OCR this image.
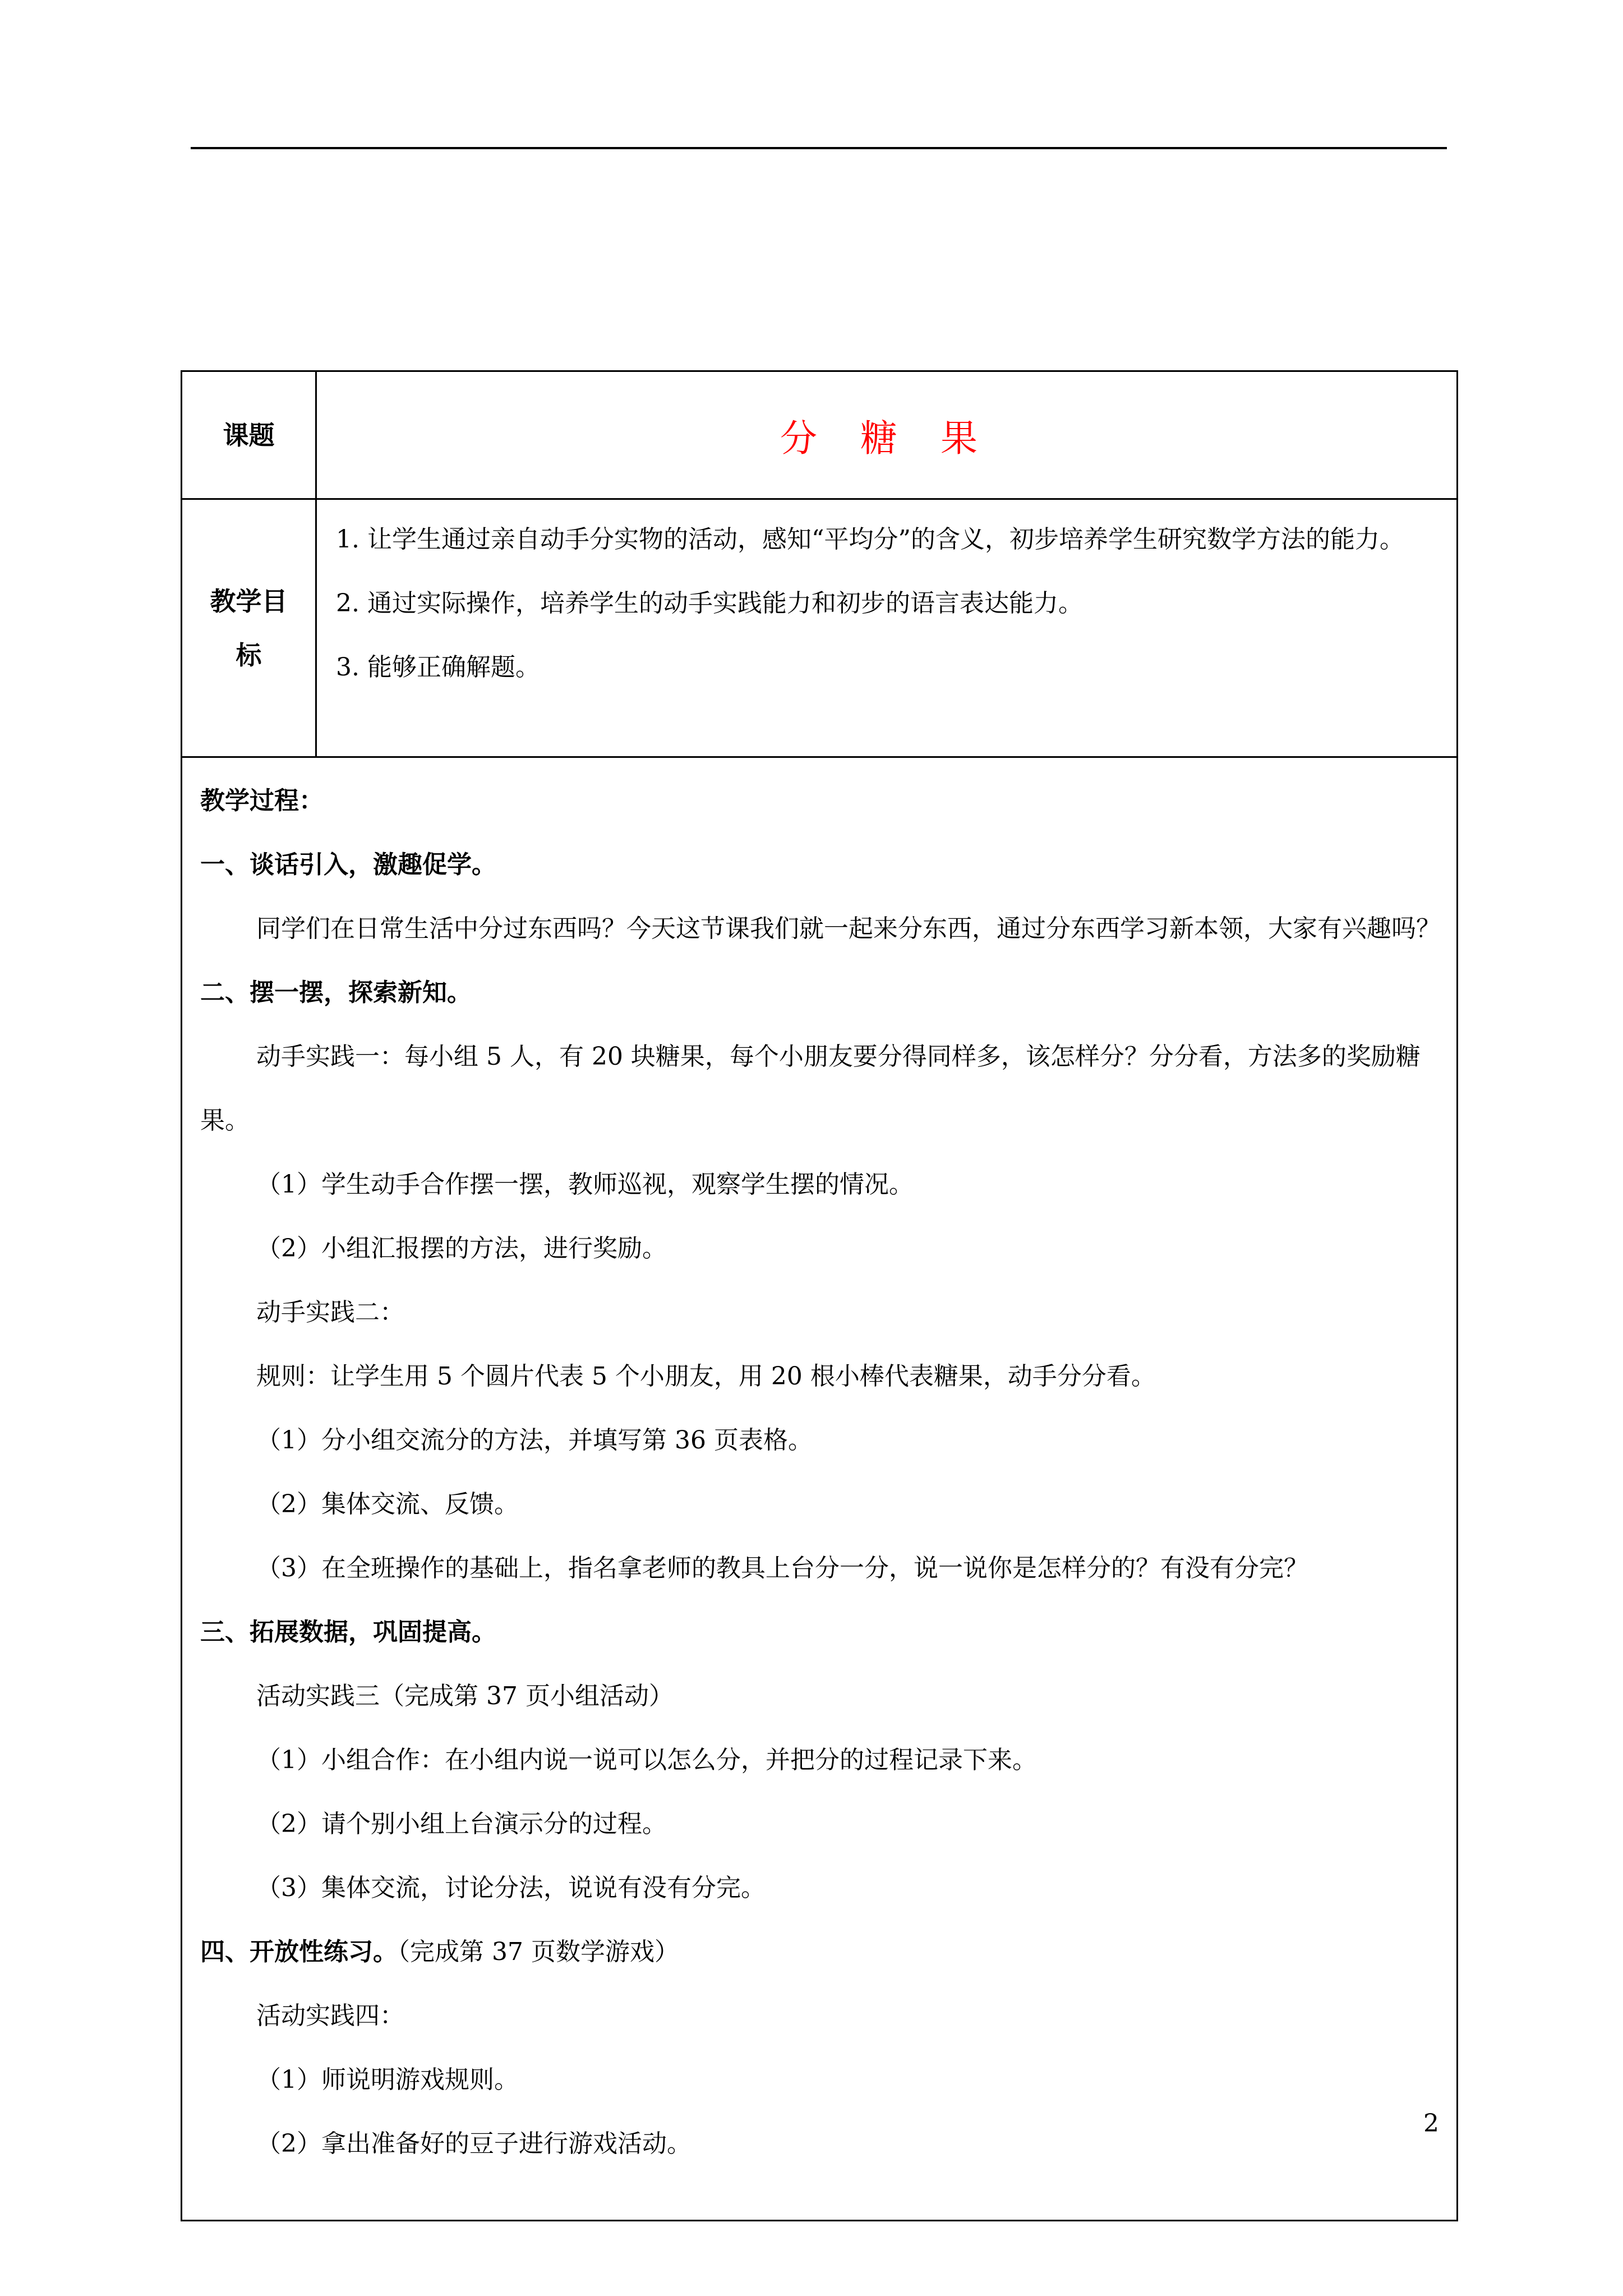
课题	分 糖 果
教学目标

1. 让学生通过亲自动手分实物的活动，感知“平均分”的含义，初步培养学生研究数学方法的能力。

2. 通过实际操作，培养学生的动手实践能力和初步的语言表达能力。

3. 能够正确解题。

教学过程：

一、谈话引入，激趣促学。

同学们在日常生活中分过东西吗？今天这节课我们就一起来分东西，通过分东西学习新本领，大家有兴趣吗？

二、摆一摆，探索新知。

动手实践一：每小组 5 人，有 20 块糖果，每个小朋友要分得同样多，该怎样分？分分看，方法多的奖励糖果。

（1）学生动手合作摆一摆，教师巡视，观察学生摆的情况。

（2）小组汇报摆的方法，进行奖励。

动手实践二：

规则：让学生用 5 个圆片代表 5 个小朋友，用 20 根小棒代表糖果，动手分分看。

（1）分小组交流分的方法，并填写第 36 页表格。

（2）集体交流、反馈。

（3）在全班操作的基础上，指名拿老师的教具上台分一分，说一说你是怎样分的？有没有分完？

三、拓展数据，巩固提高。

活动实践三（完成第 37 页小组活动）

（1）小组合作：在小组内说一说可以怎么分，并把分的过程记录下来。

（2）请个别小组上台演示分的过程。

（3）集体交流，讨论分法，说说有没有分完。

四、开放性练习。（完成第 37 页数学游戏）

活动实践四：

（1）师说明游戏规则。

（2）拿出准备好的豆子进行游戏活动。

2
